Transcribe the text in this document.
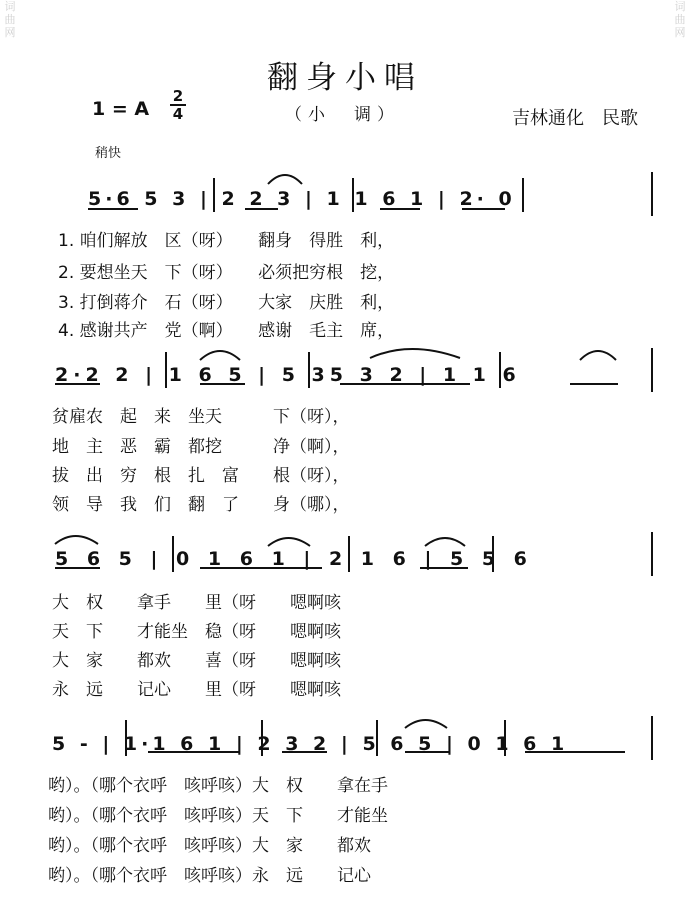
词曲网
词曲网
翻身小唱
（小　调）	吉林通化　民歌
1 = A $\frac{2}{4}$
稍快
5·6 5 3 | 2 2 3 | 1 1 6 1 | 2· 0
1. 咱们解放　区（呀）　　翻身　得胜　利，
2. 要想坐天　下（呀）　　必须把穷根　挖，
3. 打倒蒋介　石（呀）　　大家　庆胜　利，
4. 感谢共产　党（啊）　　感谢　毛主　席，
2·2 2 | 1 6 5 | 5 35 3 2 | 1 1 6
贫雇农　起　来　坐天　　　下（呀），
地　主　恶　霸　都挖　　　净（啊），
拔　出　穷　根　扎　富　　根（呀），
领　导　我　们　翻　了　　身（哪），
5 6 5 | 0 1 6 1 | 2 1 6 | 5 5 6
大　权　　拿手　　里（呀　　嗯啊咳
天　下　　才能坐　稳（呀　　嗯啊咳
大　家　　都欢　　喜（呀　　嗯啊咳
永　远　　记心　　里（呀　　嗯啊咳
5 - | 1·1 6 1 | 2 3 2 | 5 6 5 | 0 1 6 1
哟）。（哪个衣呼　咳呼咳）大　权　　拿在手
哟）。（哪个衣呼　咳呼咳）天　下　　才能坐
哟）。（哪个衣呼　咳呼咳）大　家　　都欢
哟）。（哪个衣呼　咳呼咳）永　远　　记心
